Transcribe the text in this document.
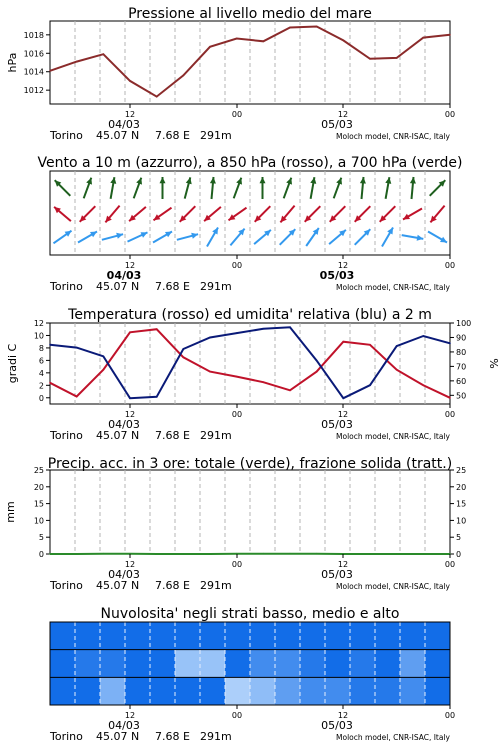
Pressione al livello medio del mare
1012
1014
1016
1018
hPa
12	00	12	00
04/03	05/03
Torino 45.07 N 7.68 E 291m	Moloch model, CNR-ISAC, Italy
Vento a 10 m (azzurro), a 850 hPa (rosso), a 700 hPa (verde)
12	00	12	00
04/03	05/03
Torino 45.07 N 7.68 E 291m	Moloch model, CNR-ISAC, Italy
Temperatura (rosso) ed umidita' relativa (blu) a 2 m
0
2
4
6
8
10
12
50
60
70
80
90
100
gradi C	%
12	00	12	00
04/03	05/03
Torino 45.07 N 7.68 E 291m	Moloch model, CNR-ISAC, Italy
Precip. acc. in 3 ore: totale (verde), frazione solida (tratt.)
0
5
10
15
20
25
0
5
10
15
20
25
mm
12	00	12	00
04/03	05/03
Torino 45.07 N 7.68 E 291m	Moloch model, CNR-ISAC, Italy
Nuvolosita' negli strati basso, medio e alto
12	00	12	00
04/03	05/03
Torino 45.07 N 7.68 E 291m	Moloch model, CNR-ISAC, Italy
